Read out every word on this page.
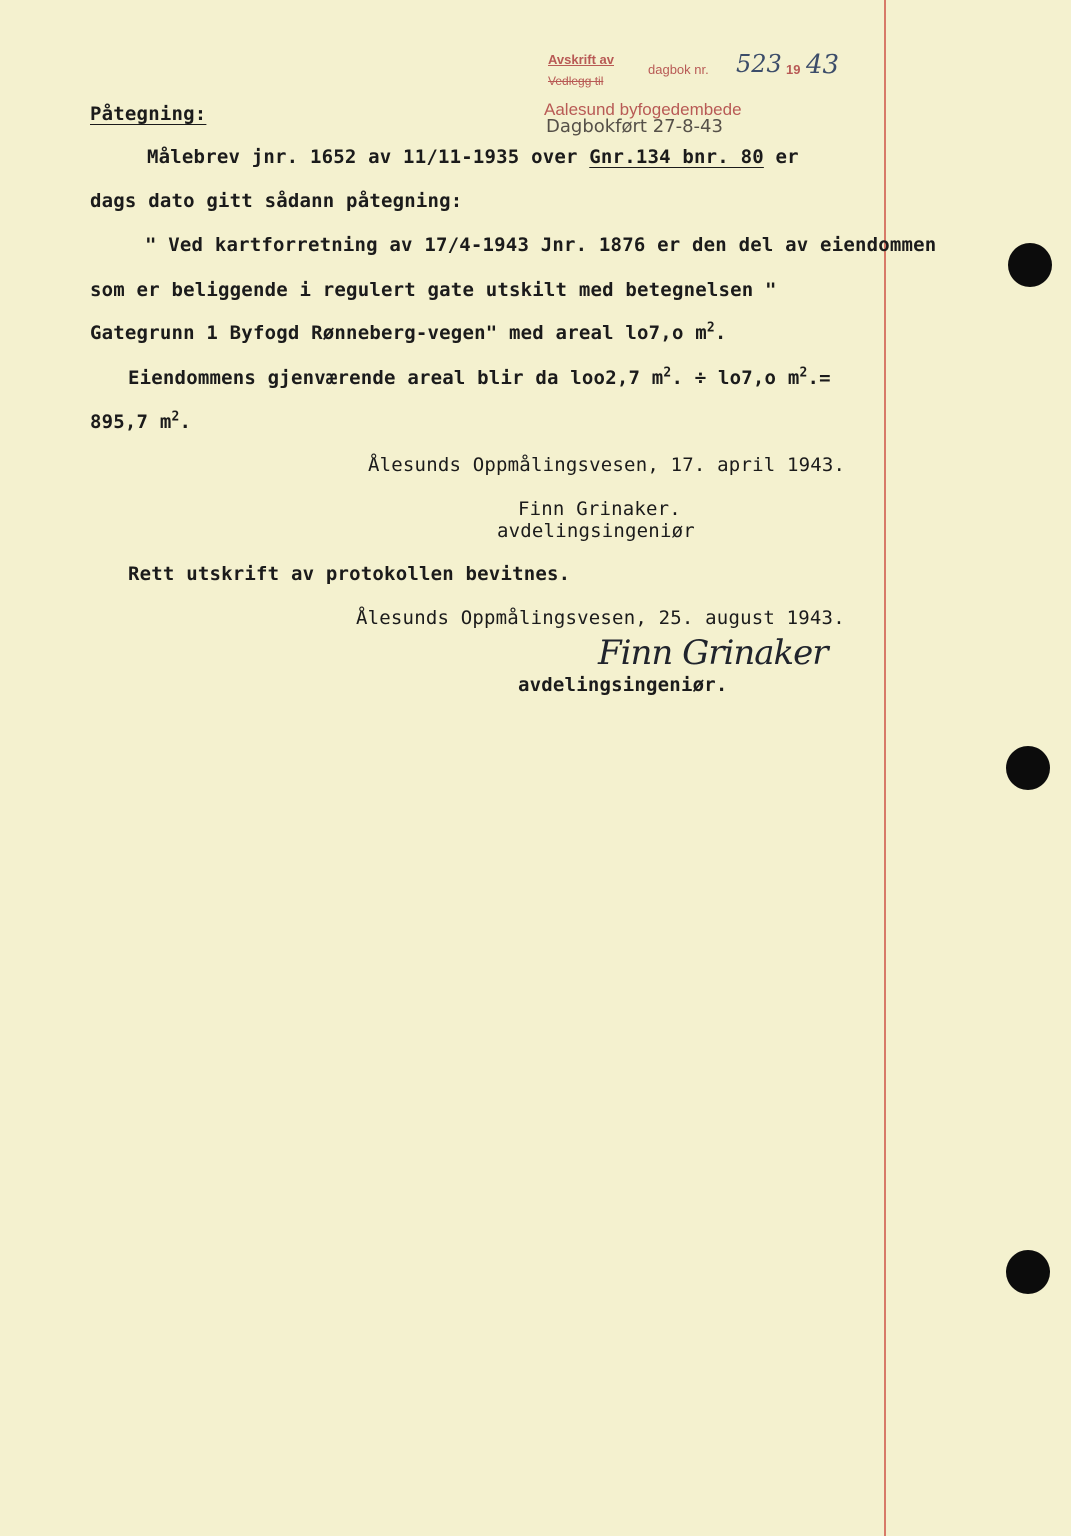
Avskrift av
Vedlegg til
dagbok nr. 523 19 43
Aalesund byfogedembede
Dagbokført 27-8-43
Påtegning:
Målebrev jnr. 1652 av 11/11-1935 over Gnr.134 bnr. 80 er
dags dato gitt sådann påtegning:
" Ved kartforretning av 17/4-1943 Jnr. 1876 er den del av eiendommen
som er beliggende i regulert gate utskilt med betegnelsen "
Gategrunn 1 Byfogd Rønneberg-vegen" med areal lo7,o $m^2$.
Eiendommens gjenværende areal blir da loo2,7 $m^2$. ÷ lo7,o $m^2.=$
895,7 $m^2$.
Ålesunds Oppmålingsvesen, 17. april 1943.
Finn Grinaker.
avdelingsingeniør
Rett utskrift av protokollen bevitnes.
Ålesunds Oppmålingsvesen, 25. august 1943.
Finn Grinaker
avdelingsingeniør.
